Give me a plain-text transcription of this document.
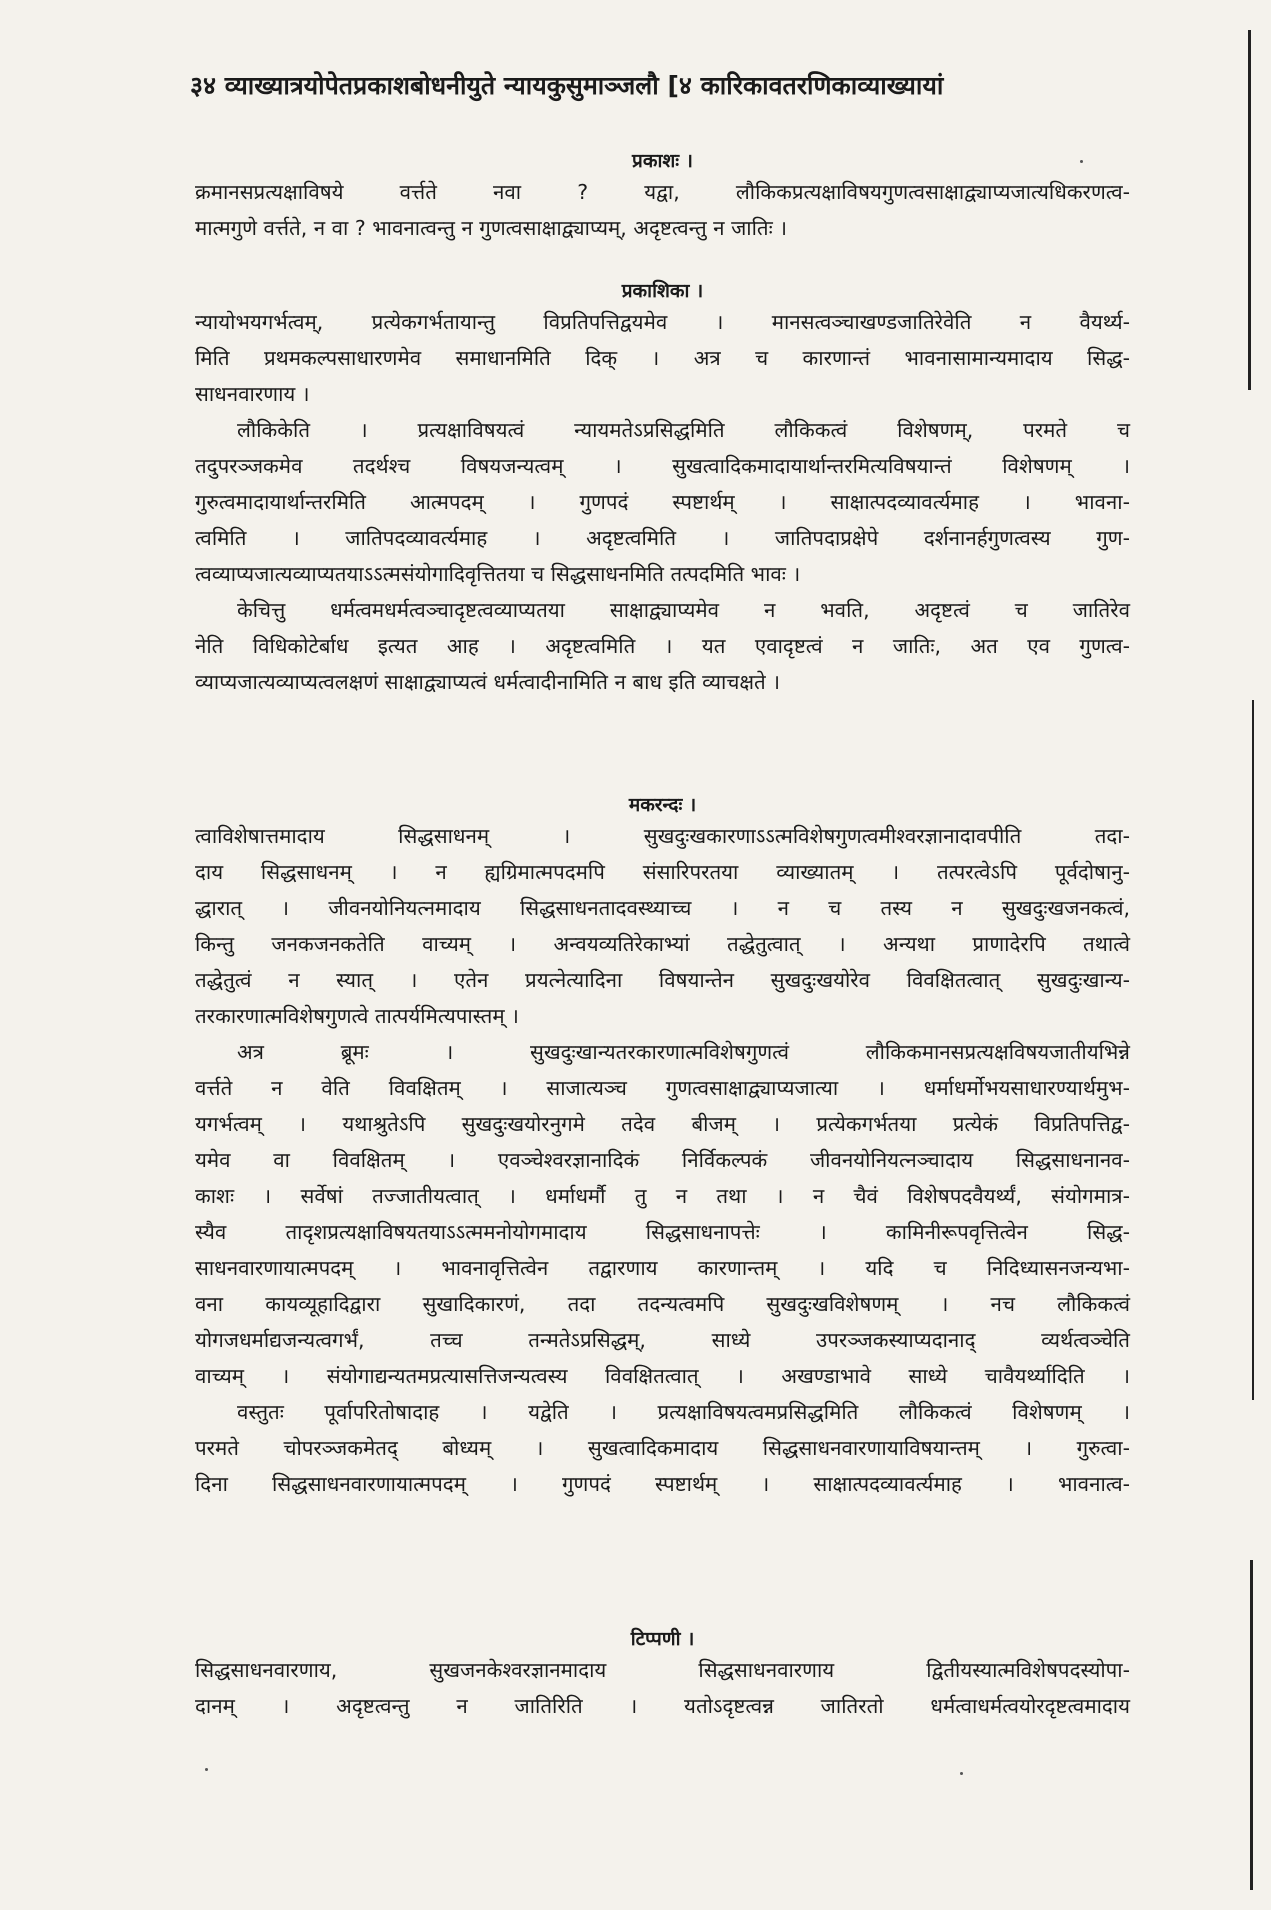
३४ व्याख्यात्रयोपेतप्रकाशबोधनीयुते न्यायकुसुमाञ्जलौ [४ कारिकावतरणिकाव्याख्यायां
प्रकाशः ।
क्रमानसप्रत्यक्षाविषये वर्त्तते नवा ? यद्वा, लौकिकप्रत्यक्षाविषयगुणत्वसाक्षाद्व्याप्यजात्यधिकरणत्व-
मात्मगुणे वर्त्तते, न वा ? भावनात्वन्तु न गुणत्वसाक्षाद्व्याप्यम्, अदृष्टत्वन्तु न जातिः ।
प्रकाशिका ।
न्यायोभयगर्भत्वम्, प्रत्येकगर्भतायान्तु विप्रतिपत्तिद्वयमेव । मानसत्वञ्चाखण्डजातिरेवेति न वैयर्थ्य-
मिति प्रथमकल्पसाधारणमेव समाधानमिति दिक् । अत्र च कारणान्तं भावनासामान्यमादाय सिद्ध-
साधनवारणाय ।
लौकिकेति । प्रत्यक्षाविषयत्वं न्यायमतेऽप्रसिद्धमिति लौकिकत्वं विशेषणम्, परमते च
तदुपरञ्जकमेव तदर्थश्च विषयजन्यत्वम् । सुखत्वादिकमादायार्थान्तरमित्यविषयान्तं विशेषणम् ।
गुरुत्वमादायार्थान्तरमिति आत्मपदम् । गुणपदं स्पष्टार्थम् । साक्षात्पदव्यावर्त्यमाह । भावना-
त्वमिति । जातिपदव्यावर्त्यमाह । अदृष्टत्वमिति । जातिपदाप्रक्षेपे दर्शनानर्हगुणत्वस्य गुण-
त्वव्याप्यजात्यव्याप्यतयाऽऽत्मसंयोगादिवृत्तितया च सिद्धसाधनमिति तत्पदमिति भावः ।
केचित्तु धर्मत्वमधर्मत्वञ्चादृष्टत्वव्याप्यतया साक्षाद्व्याप्यमेव न भवति, अदृष्टत्वं च जातिरेव
नेति विधिकोटेर्बाध इत्यत आह । अदृष्टत्वमिति । यत एवादृष्टत्वं न जातिः, अत एव गुणत्व-
व्याप्यजात्यव्याप्यत्वलक्षणं साक्षाद्व्याप्यत्वं धर्मत्वादीनामिति न बाध इति व्याचक्षते ।
मकरन्दः ।
त्वाविशेषात्तमादाय सिद्धसाधनम् । सुखदुःखकारणाऽऽत्मविशेषगुणत्वमीश्वरज्ञानादावपीति तदा-
दाय सिद्धसाधनम् । न ह्यग्रिमात्मपदमपि संसारिपरतया व्याख्यातम् । तत्परत्वेऽपि पूर्वदोषानु-
द्धारात् । जीवनयोनियत्नमादाय सिद्धसाधनतादवस्थ्याच्च । न च तस्य न सुखदुःखजनकत्वं,
किन्तु जनकजनकतेति वाच्यम् । अन्वयव्यतिरेकाभ्यां तद्धेतुत्वात् । अन्यथा प्राणादेरपि तथात्वे
तद्धेतुत्वं न स्यात् । एतेन प्रयत्नेत्यादिना विषयान्तेन सुखदुःखयोरेव विवक्षितत्वात् सुखदुःखान्य-
तरकारणात्मविशेषगुणत्वे तात्पर्यमित्यपास्तम् ।
अत्र ब्रूमः । सुखदुःखान्यतरकारणात्मविशेषगुणत्वं लौकिकमानसप्रत्यक्षविषयजातीयभिन्ने
वर्त्तते न वेति विवक्षितम् । साजात्यञ्च गुणत्वसाक्षाद्व्याप्यजात्या । धर्माधर्मोभयसाधारण्यार्थमुभ-
यगर्भत्वम् । यथाश्रुतेऽपि सुखदुःखयोरनुगमे तदेव बीजम् । प्रत्येकगर्भतया प्रत्येकं विप्रतिपत्तिद्व-
यमेव वा विवक्षितम् । एवञ्चेश्वरज्ञानादिकं निर्विकल्पकं जीवनयोनियत्नञ्चादाय सिद्धसाधनानव-
काशः । सर्वेषां तज्जातीयत्वात् । धर्माधर्मौ तु न तथा । न चैवं विशेषपदवैयर्थ्यं, संयोगमात्र-
स्यैव तादृशप्रत्यक्षाविषयतयाऽऽत्ममनोयोगमादाय सिद्धसाधनापत्तेः । कामिनीरूपवृत्तित्वेन सिद्ध-
साधनवारणायात्मपदम् । भावनावृत्तित्वेन तद्वारणाय कारणान्तम् । यदि च निदिध्यासनजन्यभा-
वना कायव्यूहादिद्वारा सुखादिकारणं, तदा तदन्यत्वमपि सुखदुःखविशेषणम् । नच लौकिकत्वं
योगजधर्माद्यजन्यत्वगर्भं, तच्च तन्मतेऽप्रसिद्धम्, साध्ये उपरञ्जकस्याप्यदानाद् व्यर्थत्वञ्चेति
वाच्यम् । संयोगाद्यन्यतमप्रत्यासत्तिजन्यत्वस्य विवक्षितत्वात् । अखण्डाभावे साध्ये चावैयर्थ्यादिति ।
वस्तुतः पूर्वापरितोषादाह । यद्वेति । प्रत्यक्षाविषयत्वमप्रसिद्धमिति लौकिकत्वं विशेषणम् ।
परमते चोपरञ्जकमेतद् बोध्यम् । सुखत्वादिकमादाय सिद्धसाधनवारणायाविषयान्तम् । गुरुत्वा-
दिना सिद्धसाधनवारणायात्मपदम् । गुणपदं स्पष्टार्थम् । साक्षात्पदव्यावर्त्यमाह । भावनात्व-
टिप्पणी ।
सिद्धसाधनवारणाय, सुखजनकेश्वरज्ञानमादाय सिद्धसाधनवारणाय द्वितीयस्यात्मविशेषपदस्योपा-
दानम् । अदृष्टत्वन्तु न जातिरिति । यतोऽदृष्टत्वन्न जातिरतो धर्मत्वाधर्मत्वयोरदृष्टत्वमादाय
